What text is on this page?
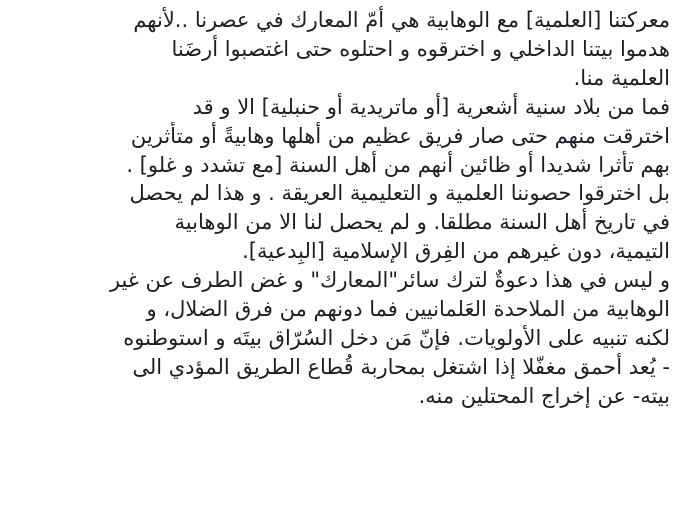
معركتنا [العلمية] مع الوهابية هي أمّ المعارك في عصرنا ..لأنهم
هدموا بيتنا الداخلي و اخترقوه و احتلوه حتى اغتصبوا أرضَنا
العلمية منا.
فما من بلاد سنية أشعرية [أو ماتريدية أو حنبلية] الا و قد
اخترقت منهم حتى صار فريق عظيم من أهلها وهابيةً أو متأثرين
بهم تأثرا شديدا أو ظائين أنهم من أهل السنة [مع تشدد و غلو] .
بل اخترقوا حصوننا العلمية و التعليمية العريقة . و هذا لم يحصل
في تاريخ أهل السنة مطلقا. و لم يحصل لنا الا من الوهابية
التيمية، دون غيرهم من الفِرق الإسلامية [البِدعية].
و ليس في هذا دعوةٌ لترك سائر"المعارك" و غض الطرف عن غير
الوهابية من الملاحدة العَلمانيين فما دونهم من فرق الضلال، و
لكنه تنبيه على الأولويات. فإنّ مَن دخل السُرّاق بيتَه و استوطنوه
- يُعد أحمق مغفّلا إذا اشتغل بمحاربة قُطاع الطريق المؤدي الى
بيته- عن إخراج المحتلين منه.
